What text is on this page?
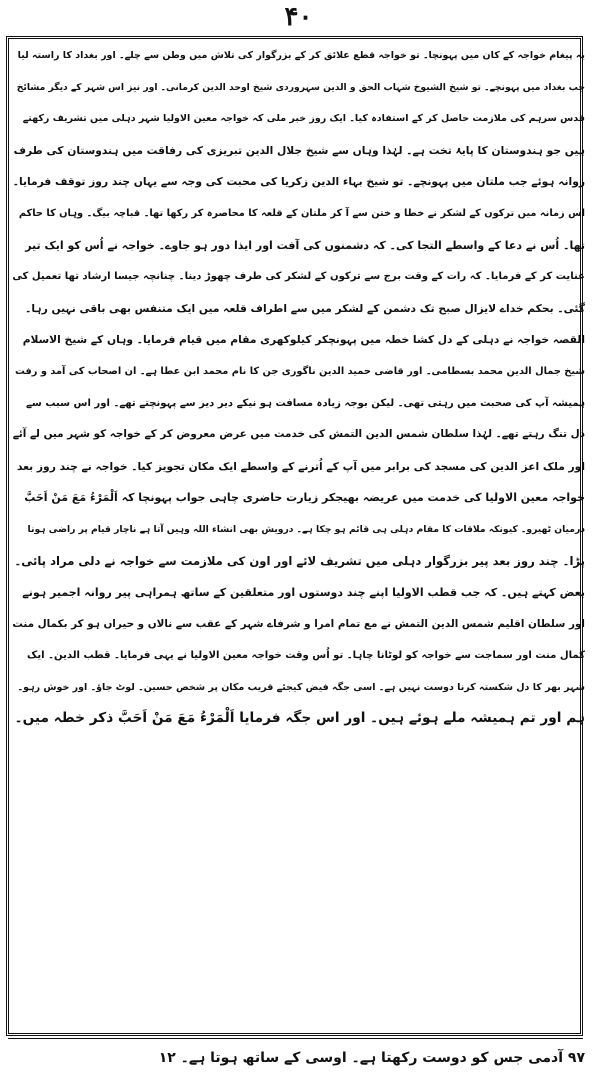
۴۰
یہ پیغام خواجہ کے کان میں پہونچا۔ تو خواجہ قطع علائق کر کے بزرگوار کی تلاش میں وطن سے چلے۔ اور بغداد کا راستہ لیا
جب بغداد میں پہونچے۔ تو شیخ الشیوخ شہاب الحق و الدین سہروردی شیخ اوحد الدین کرمانی۔ اور نیز اس شہر کے دیگر مشائخ
قدس سرہم کی ملازمت حاصل کر کے استفادہ کیا۔ ایک روز خبر ملی کہ خواجہ معین الاولیا شہر دہلی میں تشریف رکھتے
ہیں جو ہندوستان کا پایۂ تخت ہے۔ لہٰذا وہاں سے شیخ جلال الدین تبریزی کی رفاقت میں ہندوستان کی طرف
روانہ ہوئے جب ملتان میں پہونچے۔ تو شیخ بہاء الدین زکریا کی محبت کی وجہ سے یہاں چند روز توقف فرمایا۔
اس زمانہ میں ترکوں کے لشکر نے خطا و ختن سے آ کر ملتان کے قلعہ کا محاصرہ کر رکھا تھا۔ قباچہ بیگ۔ وہاں کا حاکم
تھا۔ اُس نے دعا کے واسطے التجا کی۔ کہ دشمنوں کی آفت اور ایذا دور ہو جاوے۔ خواجہ نے اُس کو ایک تیر
عنایت کر کے فرمایا۔ کہ رات کے وقت برج سے ترکوں کے لشکر کی طرف چھوڑ دینا۔ چنانچہ جیسا ارشاد تھا تعمیل کی
گئی۔ بحکم خداے لایزال صبح تک دشمن کے لشکر میں سے اطراف قلعہ میں ایک متنفس بھی باقی نہیں رہا۔
القصہ خواجہ نے دہلی کے دل کشا خطہ میں پہونچکر کیلوکھری مقام میں قیام فرمایا۔ وہاں کے شیخ الاسلام
شیخ جمال الدین محمد بسطامی۔ اور قاضی حمید الدین ناگوری جن کا نام محمد ابن عطا ہے۔ ان اصحاب کی آمد و رفت
ہمیشہ آپ کی صحبت میں رہتی تھی۔ لیکن بوجہ زیادہ مسافت ہو نیکے دیر دیر سے پہونچتے تھے۔ اور اس سبب سے
دل تنگ رہتے تھے۔ لہٰذا سلطان شمس الدین التمش کی خدمت میں عرض معروض کر کے خواجہ کو شہر میں لے آئے
اور ملک اعز الدین کی مسجد کی برابر میں آپ کے اُترنے کے واسطے ایک مکان تجویز کیا۔ خواجہ نے چند روز بعد
خواجہ معین الاولیا کی خدمت میں عریضہ بھیجکر زیارت حاضری چاہی جواب پہونچا کہ اَلْمَرْءُ مَعَ مَنْ اَحَبَّ
درمیان ٹھیرو۔ کیونکہ ملاقات کا مقام دہلی ہی قائم ہو چکا ہے۔ درویش بھی انشاء اللہ وہیں آتا ہے ناچار قیام پر راضی ہونا
پڑا۔ چند روز بعد پیر بزرگوار دہلی میں تشریف لائے اور اون کی ملازمت سے خواجہ نے دلی مراد پائی۔
بعض کہتے ہیں۔ کہ جب قطب الاولیا اپنے چند دوستوں اور متعلقین کے ساتھ ہمراہی پیر روانہ اجمیر ہونے
اور سلطان اقلیم شمس الدین التمش نے مع تمام امرا و شرفاے شہر کے عقب سے نالاں و حیراں ہو کر بکمال منت
کمال منت اور سماجت سے خواجہ کو لوٹانا چاہا۔ تو اُس وقت خواجہ معین الاولیا نے یہی فرمایا۔ قطب الدین۔ ایک
شہر بھر کا دل شکستہ کرنا دوست نہیں ہے۔ اسی جگہ فیض کیجئے قریب مکان پر شخص حسین۔ لوٹ جاؤ۔ اور خوش رہو۔
ہم اور تم ہمیشہ ملے ہوئے ہیں۔ اور اس جگہ فرمایا اَلْمَرْءُ مَعَ مَنْ اَحَبَّ ذکر خطہ میں۔
۹۷ آدمی جس کو دوست رکھتا ہے۔ اوسی کے ساتھ ہوتا ہے۔ ۱۲
